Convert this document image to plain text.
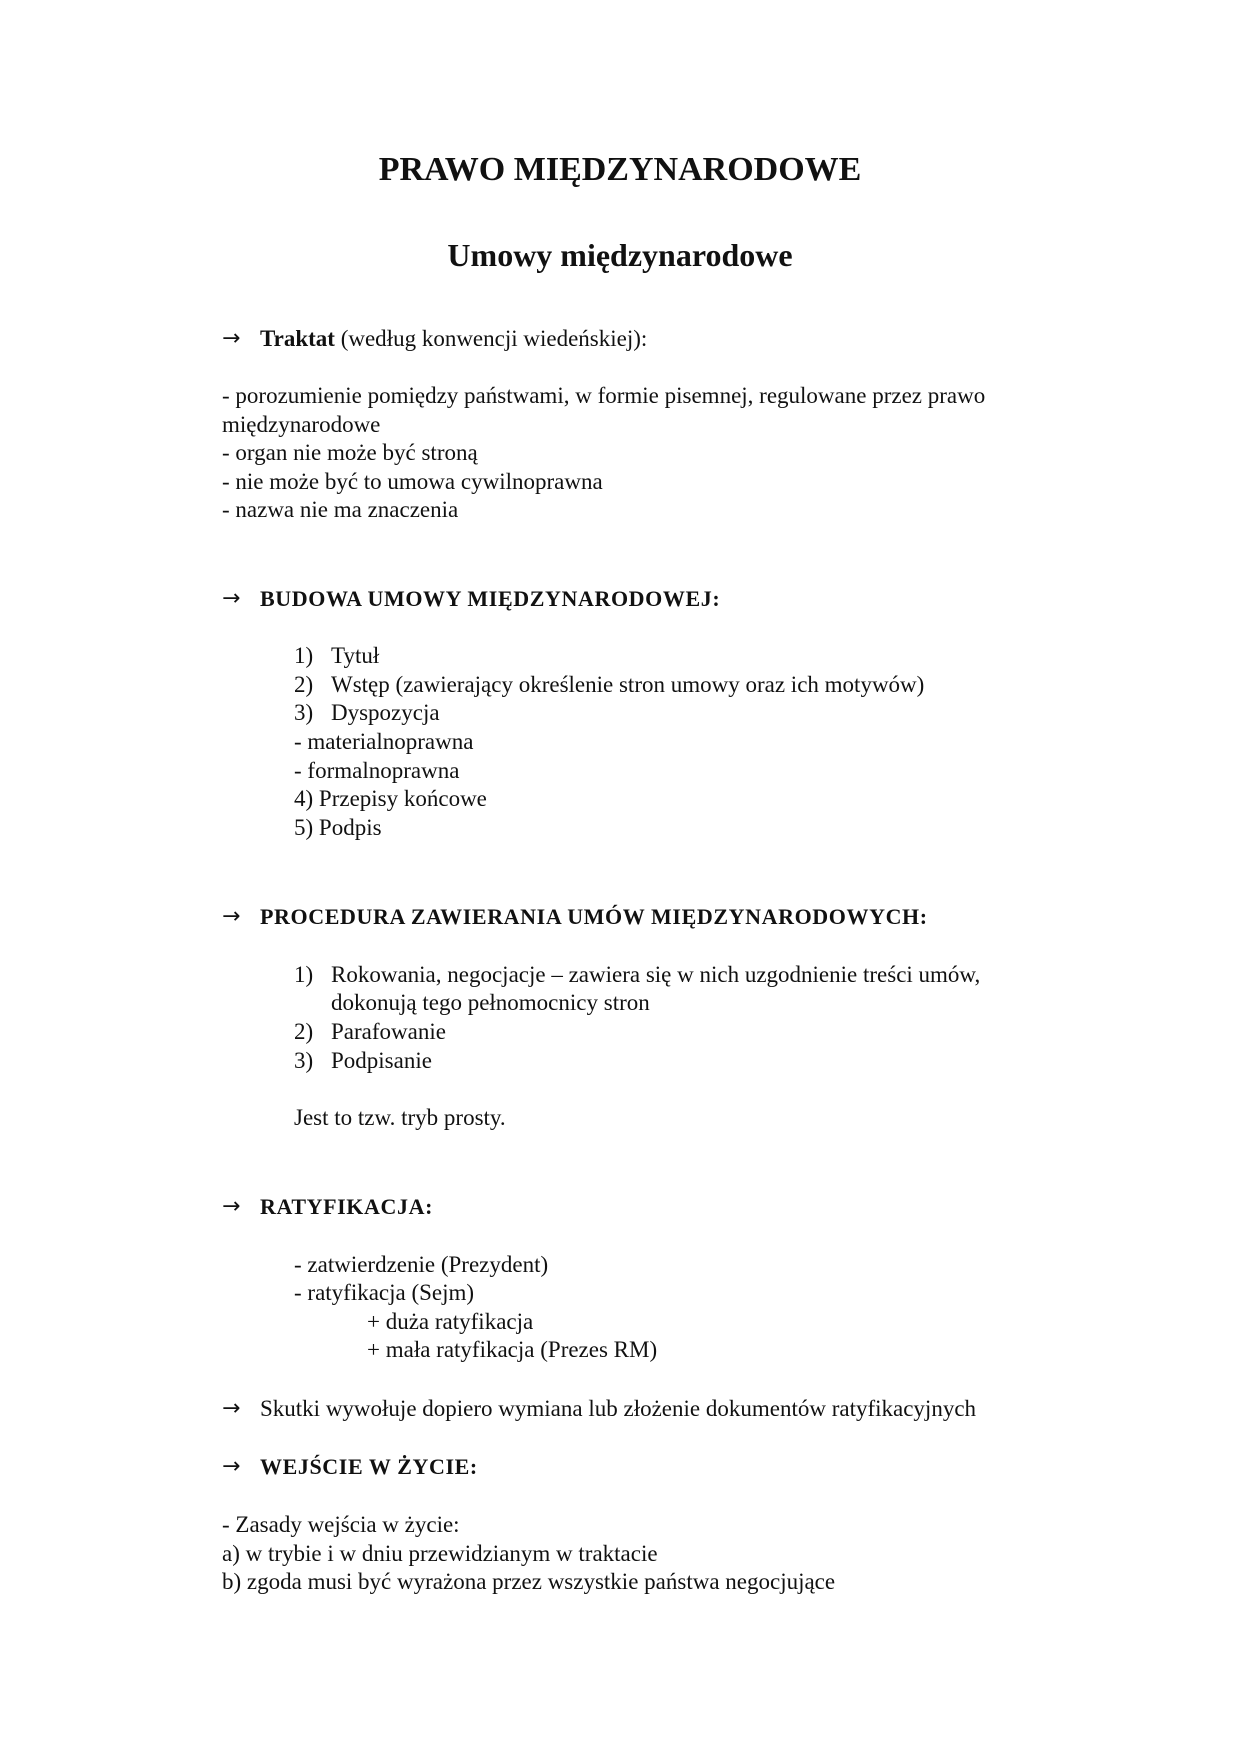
PRAWO MIĘDZYNARODOWE
Umowy międzynarodowe
→ Traktat (według konwencji wiedeńskiej):
- porozumienie pomiędzy państwami, w formie pisemnej, regulowane przez prawo
międzynarodowe
- organ nie może być stroną
- nie może być to umowa cywilnoprawna
- nazwa nie ma znaczenia
→ BUDOWA UMOWY MIĘDZYNARODOWEJ:
1) Tytuł
2) Wstęp (zawierający określenie stron umowy oraz ich motywów)
3) Dyspozycja
- materialnoprawna
- formalnoprawna
4) Przepisy końcowe
5) Podpis
→ PROCEDURA ZAWIERANIA UMÓW MIĘDZYNARODOWYCH:
1) Rokowania, negocjacje – zawiera się w nich uzgodnienie treści umów,
dokonują tego pełnomocnicy stron
2) Parafowanie
3) Podpisanie
Jest to tzw. tryb prosty.
→ RATYFIKACJA:
- zatwierdzenie (Prezydent)
- ratyfikacja (Sejm)
+ duża ratyfikacja
+ mała ratyfikacja (Prezes RM)
→ Skutki wywołuje dopiero wymiana lub złożenie dokumentów ratyfikacyjnych
→ WEJŚCIE W ŻYCIE:
- Zasady wejścia w życie:
a) w trybie i w dniu przewidzianym w traktacie
b) zgoda musi być wyrażona przez wszystkie państwa negocjujące
